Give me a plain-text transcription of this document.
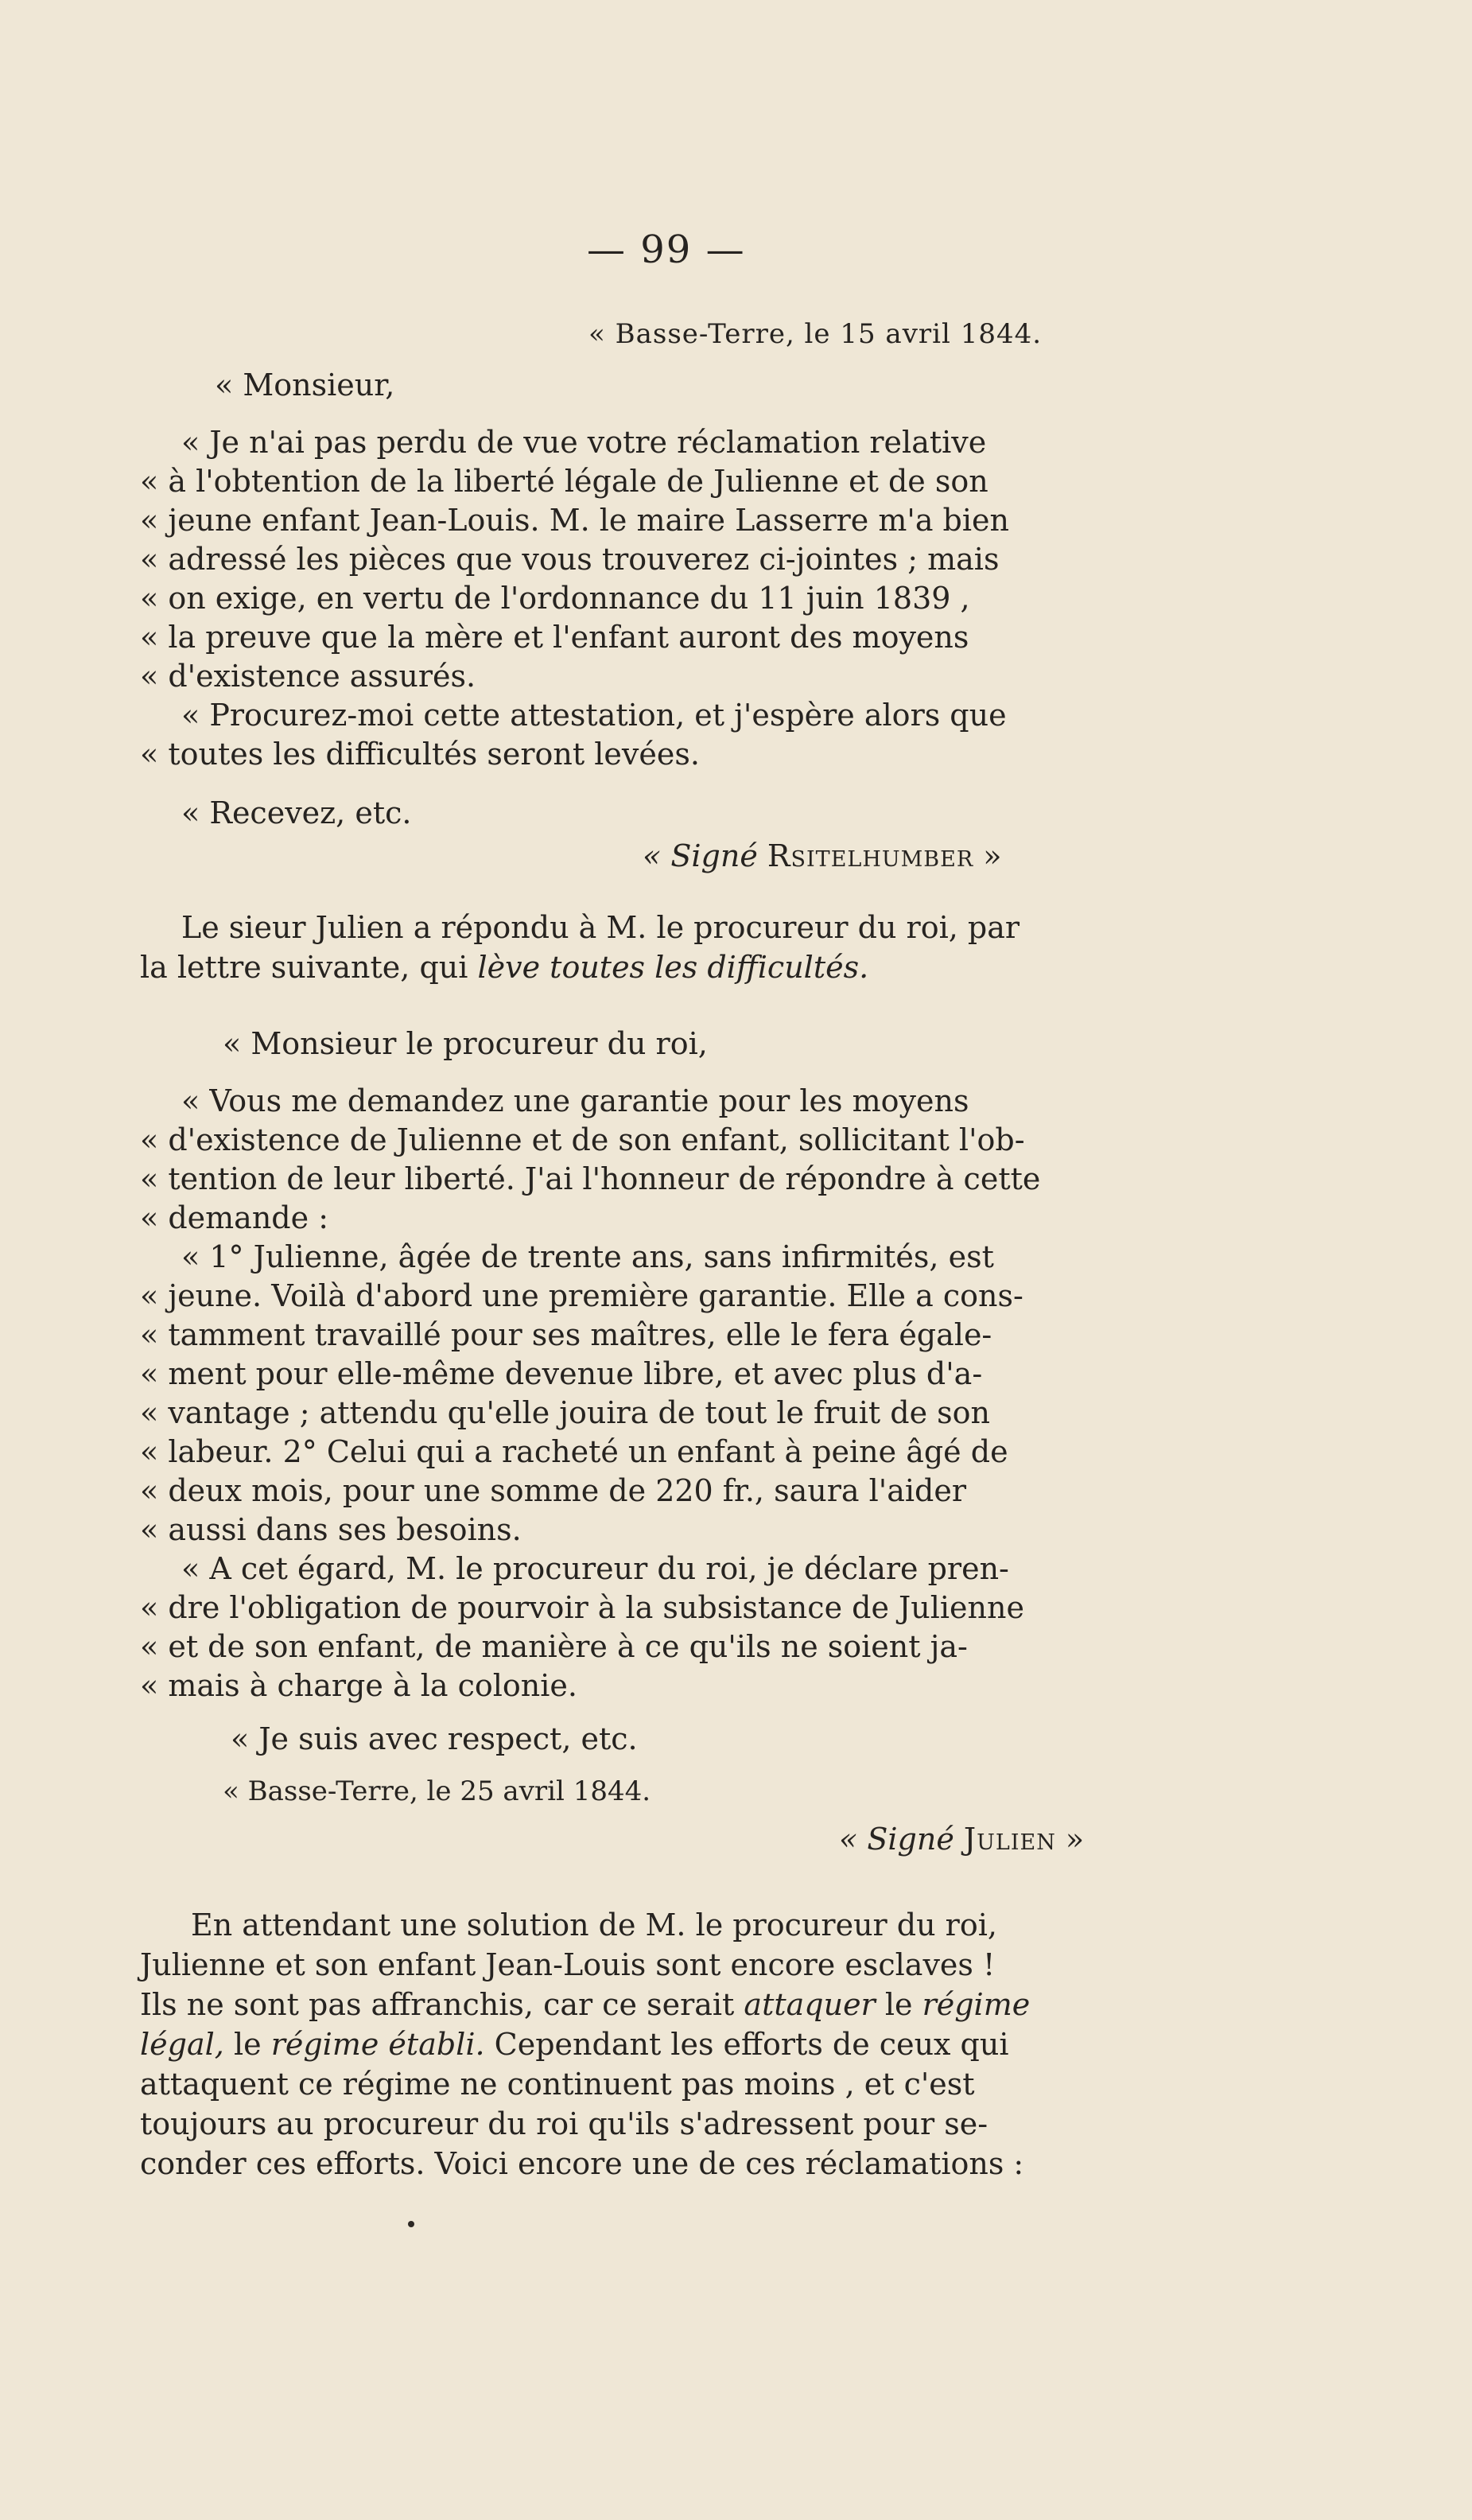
— 99 —
« Basse-Terre, le 15 avril 1844.
« Monsieur,
« Je n'ai pas perdu de vue votre réclamation relative
« à l'obtention de la liberté légale de Julienne et de son
« jeune enfant Jean-Louis. M. le maire Lasserre m'a bien
« adressé les pièces que vous trouverez ci-jointes ; mais
« on exige, en vertu de l'ordonnance du 11 juin 1839 ,
« la preuve que la mère et l'enfant auront des moyens
« d'existence assurés.
« Procurez-moi cette attestation, et j'espère alors que
« toutes les difficultés seront levées.
« Recevez, etc.
« Signé Rsitelhumber »
Le sieur Julien a répondu à M. le procureur du roi, par
la lettre suivante, qui lève toutes les difficultés.
« Monsieur le procureur du roi,
« Vous me demandez une garantie pour les moyens
« d'existence de Julienne et de son enfant, sollicitant l'ob-
« tention de leur liberté. J'ai l'honneur de répondre à cette
« demande :
« 1° Julienne, âgée de trente ans, sans infirmités, est
« jeune. Voilà d'abord une première garantie. Elle a cons-
« tamment travaillé pour ses maîtres, elle le fera égale-
« ment pour elle-même devenue libre, et avec plus d'a-
« vantage ; attendu qu'elle jouira de tout le fruit de son
« labeur. 2° Celui qui a racheté un enfant à peine âgé de
« deux mois, pour une somme de 220 fr., saura l'aider
« aussi dans ses besoins.
« A cet égard, M. le procureur du roi, je déclare pren-
« dre l'obligation de pourvoir à la subsistance de Julienne
« et de son enfant, de manière à ce qu'ils ne soient ja-
« mais à charge à la colonie.
« Je suis avec respect, etc.
« Basse-Terre, le 25 avril 1844.
« Signé Julien »
En attendant une solution de M. le procureur du roi,
Julienne et son enfant Jean-Louis sont encore esclaves !
Ils ne sont pas affranchis, car ce serait attaquer le régime
légal, le régime établi. Cependant les efforts de ceux qui
attaquent ce régime ne continuent pas moins , et c'est
toujours au procureur du roi qu'ils s'adressent pour se-
conder ces efforts. Voici encore une de ces réclamations :
